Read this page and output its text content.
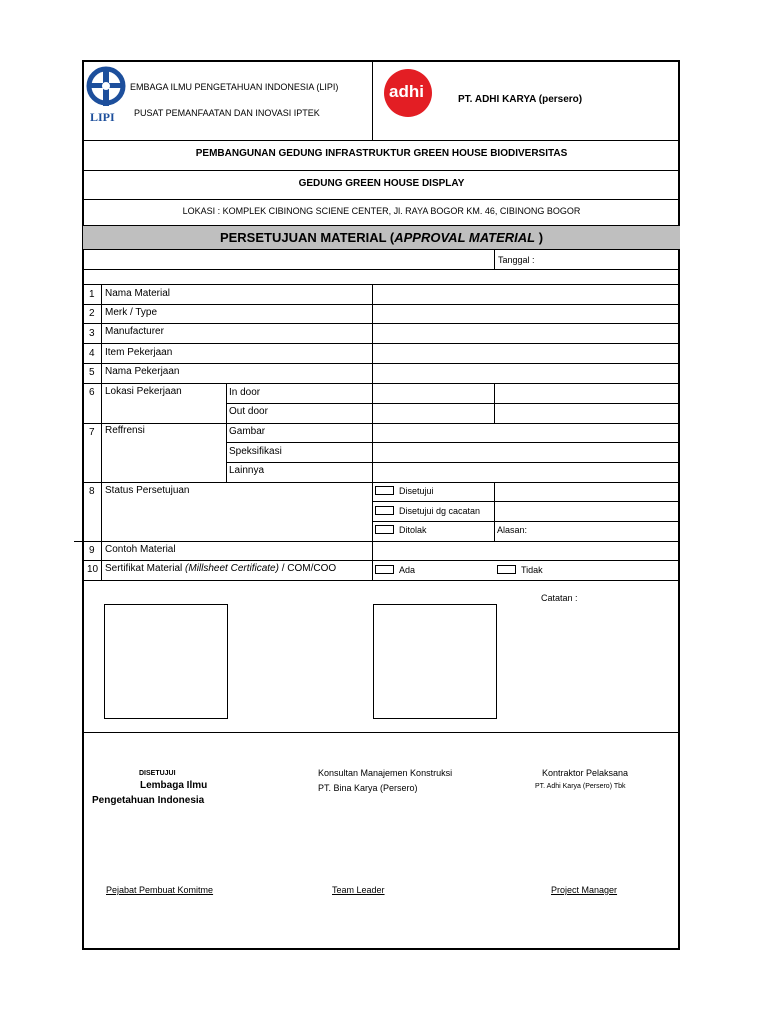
LIPI
EMBAGA ILMU PENGETAHUAN INDONESIA (LIPI)
PUSAT PEMANFAATAN DAN INOVASI IPTEK
adhi	PT. ADHI KARYA (persero)
PEMBANGUNAN GEDUNG INFRASTRUKTUR GREEN HOUSE BIODIVERSITAS
GEDUNG GREEN HOUSE DISPLAY
LOKASI : KOMPLEK CIBINONG SCIENE CENTER, Jl. RAYA BOGOR KM. 46, CIBINONG BOGOR
PERSETUJUAN MATERIAL (APPROVAL MATERIAL )
Tanggal :
1 Nama Material
2 Merk / Type
3 Manufacturer
4 Item Pekerjaan
5 Nama Pekerjaan
6 Lokasi Pekerjaan	In door
Out door
7 Reffrensi	Gambar
Speksifikasi
Lainnya
8 Status Persetujuan	Disetujui
Disetujui dg cacatan
Ditolak	Alasan:
9 Contoh Material
10 Sertifikat Material (Millsheet Certificate) / COM/COO	Ada	Tidak
Catatan :
DISETUJUI
Lembaga Ilmu
Pengetahuan Indonesia
Konsultan Manajemen Konstruksi
PT. Bina Karya (Persero)
Kontraktor Pelaksana
PT. Adhi Karya (Persero) Tbk
Pejabat Pembuat Komitme	Team Leader	Project Manager
